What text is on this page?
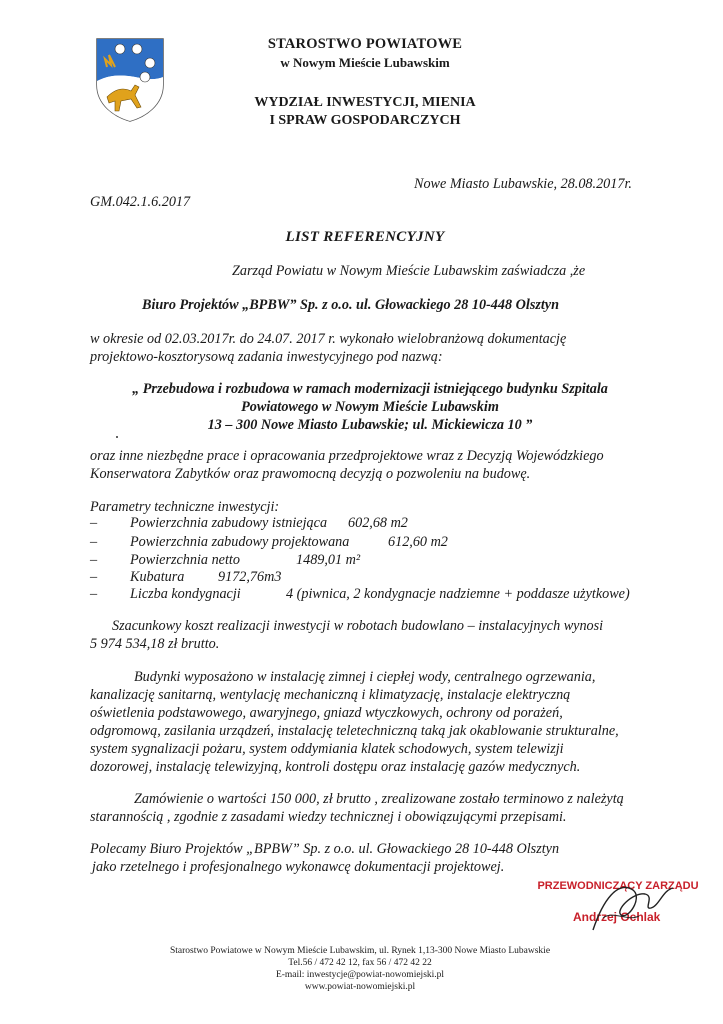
STAROSTWO POWIATOWE
w Nowym Mieście Lubawskim
WYDZIAŁ INWESTYCJI, MIENIA
I SPRAW GOSPODARCZYCH
Nowe Miasto Lubawskie, 28.08.2017r.
GM.042.1.6.2017
LIST REFERENCYJNY
Zarząd Powiatu w Nowym Mieście Lubawskim zaświadcza ,że
Biuro Projektów „BPBW” Sp. z o.o. ul. Głowackiego 28 10-448 Olsztyn
w okresie od 02.03.2017r. do 24.07. 2017 r. wykonało wielobranżową dokumentację
projektowo-kosztorysową zadania inwestycyjnego pod nazwą:
„ Przebudowa i rozbudowa w ramach modernizacji istniejącego budynku Szpitala
Powiatowego w Nowym Mieście Lubawskim
13 – 300 Nowe Miasto Lubawskie; ul. Mickiewicza 10 ”
oraz inne niezbędne prace i opracowania przedprojektowe wraz z Decyzją Wojewódzkiego
Konserwatora Zabytków oraz prawomocną decyzją o pozwoleniu na budowę.
Parametry techniczne inwestycji:
– Powierzchnia zabudowy istniejąca 602,68 m2
– Powierzchnia zabudowy projektowana	612,60 m2
– Powierzchnia netto	1489,01 m²
– Kubatura 9172,76m3
– Liczba kondygnacji	4 (piwnica, 2 kondygnacje nadziemne + poddasze użytkowe)
Szacunkowy koszt realizacji inwestycji w robotach budowlano – instalacyjnych wynosi
5 974 534,18 zł brutto.
Budynki wyposażono w instalację zimnej i ciepłej wody, centralnego ogrzewania,
kanalizację sanitarną, wentylację mechaniczną i klimatyzację, instalacje elektryczną
oświetlenia podstawowego, awaryjnego, gniazd wtyczkowych, ochrony od porażeń,
odgromową, zasilania urządzeń, instalację teletechniczną taką jak okablowanie strukturalne,
system sygnalizacji pożaru, system oddymiania klatek schodowych, system telewizji
dozorowej, instalację telewizyjną, kontroli dostępu oraz instalację gazów medycznych.
Zamówienie o wartości 150 000, zł brutto , zrealizowane zostało terminowo z należytą
starannością , zgodnie z zasadami wiedzy technicznej i obowiązującymi przepisami.
Polecamy Biuro Projektów „BPBW” Sp. z o.o. ul. Głowackiego 28 10-448 Olsztyn
jako rzetelnego i profesjonalnego wykonawcę dokumentacji projektowej.
PRZEWODNICZĄCY ZARZĄDU
Andrzej Ochlak
Starostwo Powiatowe w Nowym Mieście Lubawskim, ul. Rynek 1,13-300 Nowe Miasto Lubawskie
Tel.56 / 472 42 12, fax 56 / 472 42 22
E-mail: inwestycje@powiat-nowomiejski.pl
www.powiat-nowomiejski.pl
